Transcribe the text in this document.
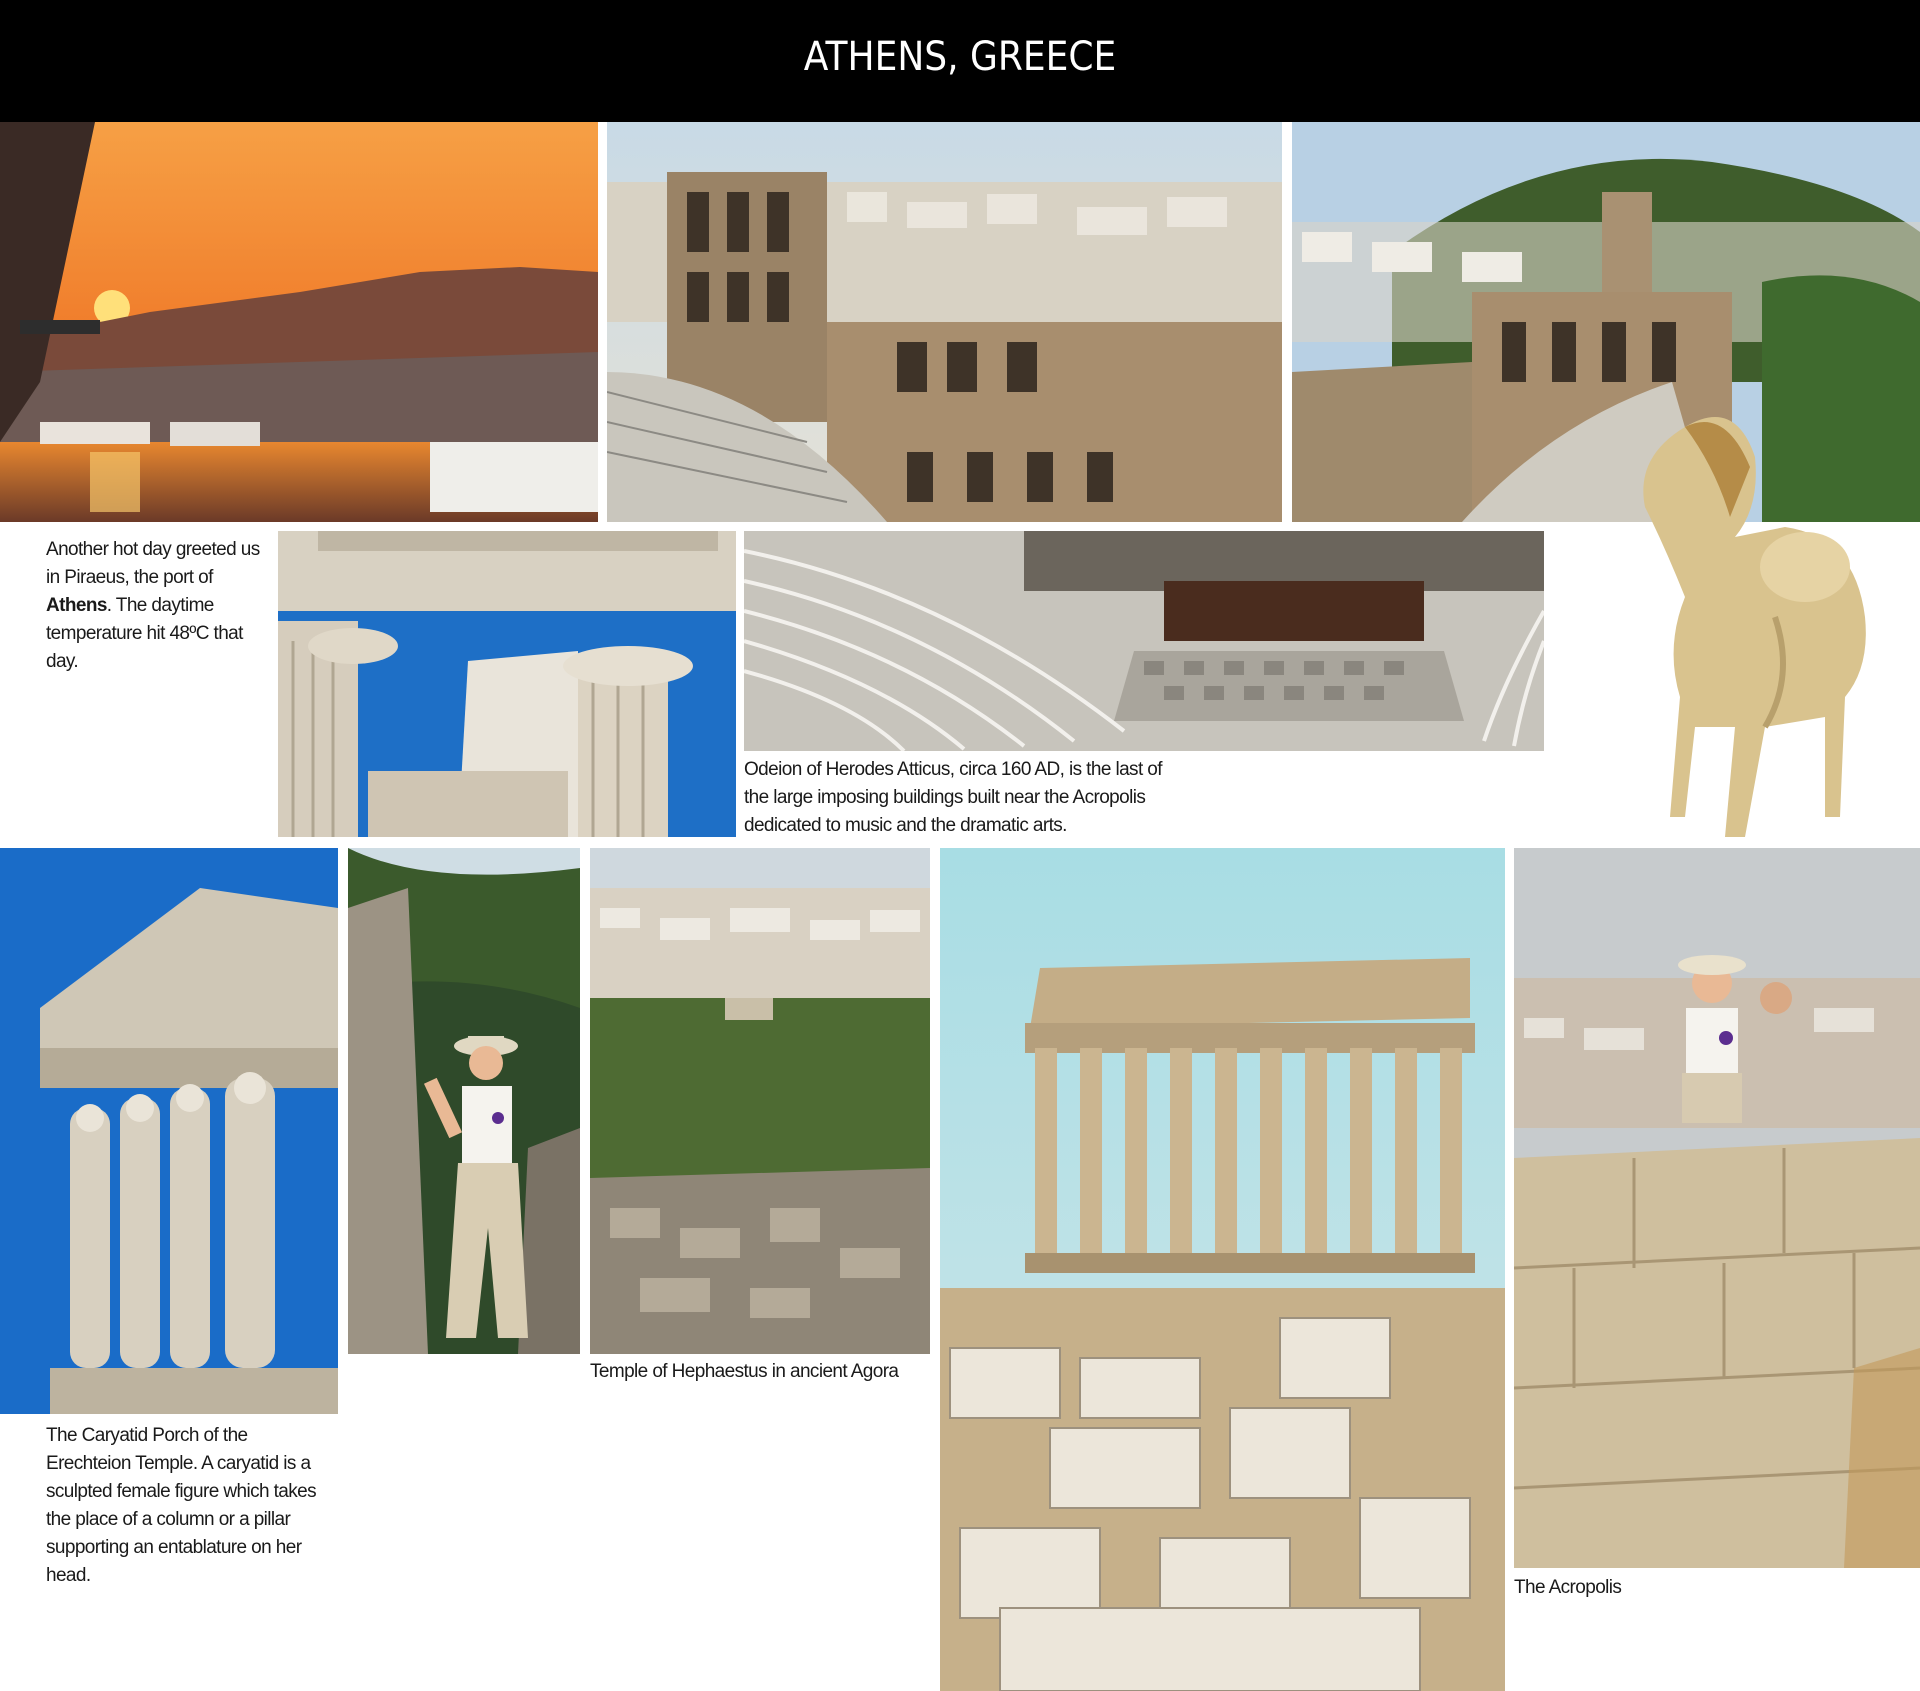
ATHENS, GREECE
Another hot day greeted us in Piraeus, the port of Athens. The daytime temperature hit 48ºC that day.
Odeion of Herodes Atticus, circa 160 AD, is the last of the large imposing buildings built near the Acropolis dedicated to music and the dramatic arts.
Temple of Hephaestus in ancient Agora
The Acropolis
The Caryatid Porch of the Erechteion Temple. A caryatid is a sculpted female figure which takes the place of a column or a pillar supporting an entablature on her head.
